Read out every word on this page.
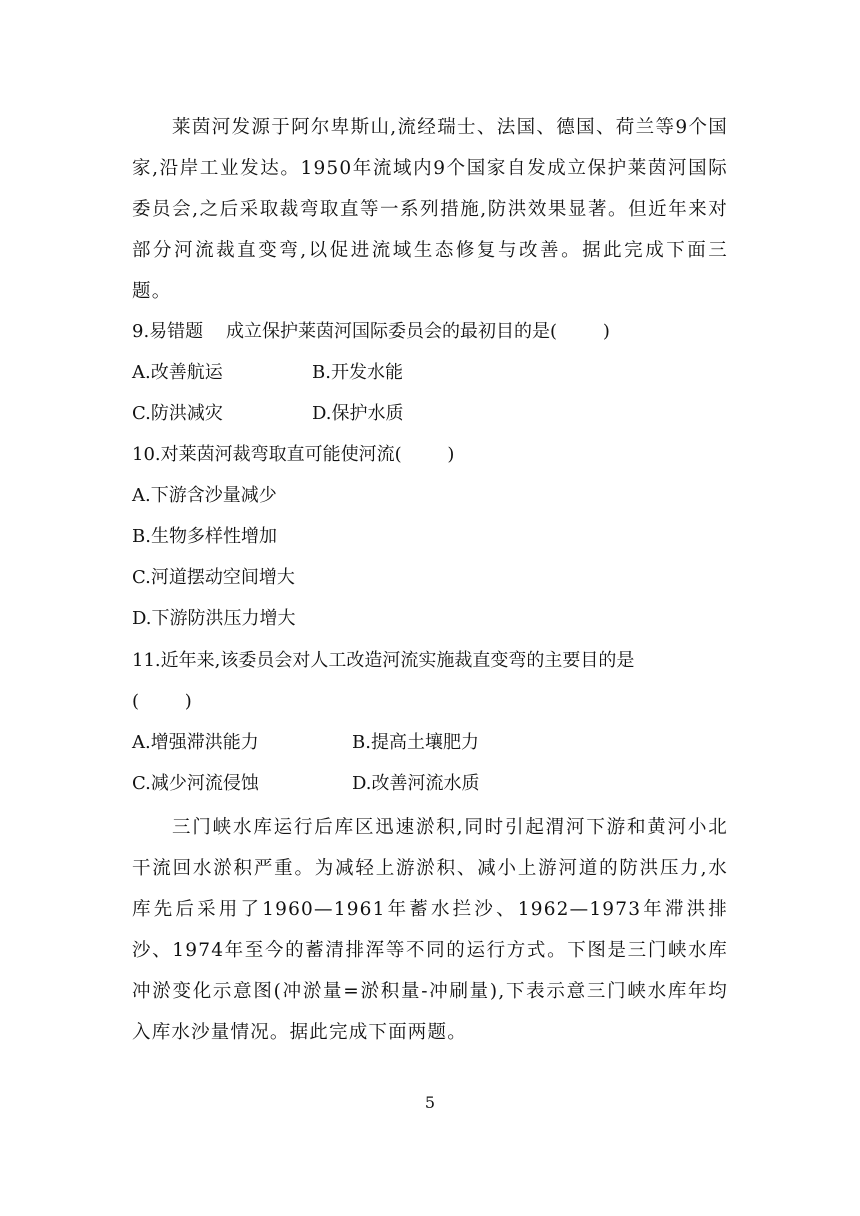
莱茵河发源于阿尔卑斯山,流经瑞士、法国、德国、荷兰等9个国家,沿岸工业发达。1950年流域内9个国家自发成立保护莱茵河国际委员会,之后采取裁弯取直等一系列措施,防洪效果显著。但近年来对部分河流裁直变弯,以促进流域生态修复与改善。据此完成下面三题。

9.易错题    成立保护莱茵河国际委员会的最初目的是(        )

A.改善航运	B.开发水能
C.防洪减灾	D.保护水质

10.对莱茵河裁弯取直可能使河流(        )

A.下游含沙量减少
B.生物多样性增加
C.河道摆动空间增大
D.下游防洪压力增大

11.近年来,该委员会对人工改造河流实施裁直变弯的主要目的是

(        )

A.增强滞洪能力	B.提高土壤肥力
C.减少河流侵蚀	D.改善河流水质

三门峡水库运行后库区迅速淤积,同时引起渭河下游和黄河小北干流回水淤积严重。为减轻上游淤积、减小上游河道的防洪压力,水库先后采用了1960—1961年蓄水拦沙、1962—1973年滞洪排沙、1974年至今的蓄清排浑等不同的运行方式。下图是三门峡水库冲淤变化示意图(冲淤量=淤积量-冲刷量),下表示意三门峡水库年均入库水沙量情况。据此完成下面两题。

5
